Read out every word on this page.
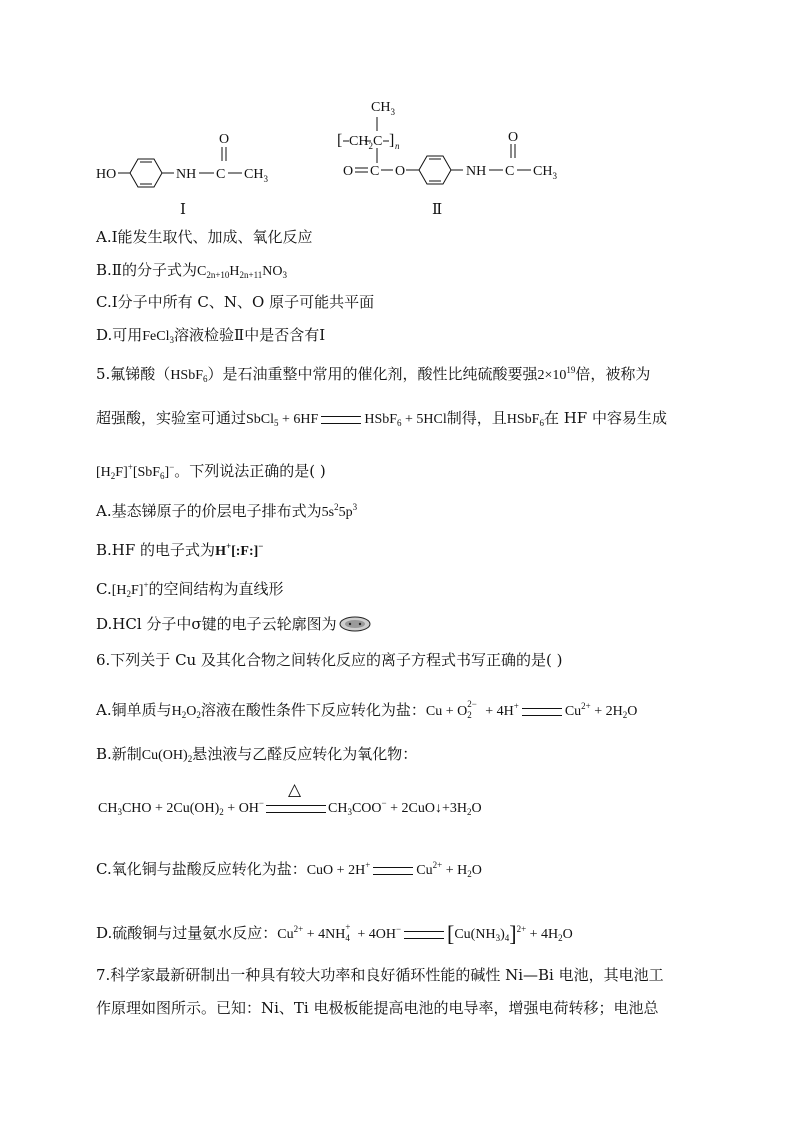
HO	NH C
O
$CH_3$
Ⅰ
$CH_3$
[ $CH_2$ C ] n
O C O	NH C
O
$CH_3$
Ⅱ
A.Ⅰ能发生取代、加成、氧化反应
B.Ⅱ的分子式为$C_{2n+10}H_{2n+11}NO_3$
C.Ⅰ分子中所有 C、N、O 原子可能共平面
D.可用FeCl$_3$溶液检验Ⅱ中是否含有Ⅰ
5.氟锑酸（HSbF$_6$）是石油重整中常用的催化剂，酸性比纯硫酸要强$2\times 10^{19}$倍，被称为
超强酸，实验室可通过SbCl$_5$ + 6HF	HSbF$_6$ + 5HCl制得，且HSbF$_6$在 HF 中容易生成
$[H_2F]^+[SbF_6]^-$。下列说法正确的是( )
A.基态锑原子的价层电子排布式为$5s^25p^3$
B.HF 的电子式为H+[:F:]−
$C.[H_2F]^+$的空间结构为直线形
D.HCl 分子中σ键的电子云轮廓图为
6.下列关于 Cu 及其化合物之间转化反应的离子方程式书写正确的是( )
A.铜单质与$H_2O_2$溶液在酸性条件下反应转化为盐：Cu + O 2−
$_2$ + 4H+	$Cu^{2+} + 2H_2O$
B.新制$Cu(OH)_2$悬浊液与乙醛反应转化为氧化物：
$CH_3CHO + 2Cu(OH)_2 + OH^-$
△
$CH_3COO^-$ + $2CuO↓+3H_2O$
C.氧化铜与盐酸反应转化为盐：CuO + 2H+	$Cu^{2+} + H_2O$
D.硫酸铜与过量氨水反应：$Cu^{2+} + 4NH$ +
$_4$ + 4OH− $[Cu(NH_3)_4]^{2+} + 4H_2O$
7.科学家最新研制出一种具有较大功率和良好循环性能的碱性 Ni—Bi 电池，其电池工
作原理如图所示。已知：Ni、Ti 电极板能提高电池的电导率，增强电荷转移；电池总
